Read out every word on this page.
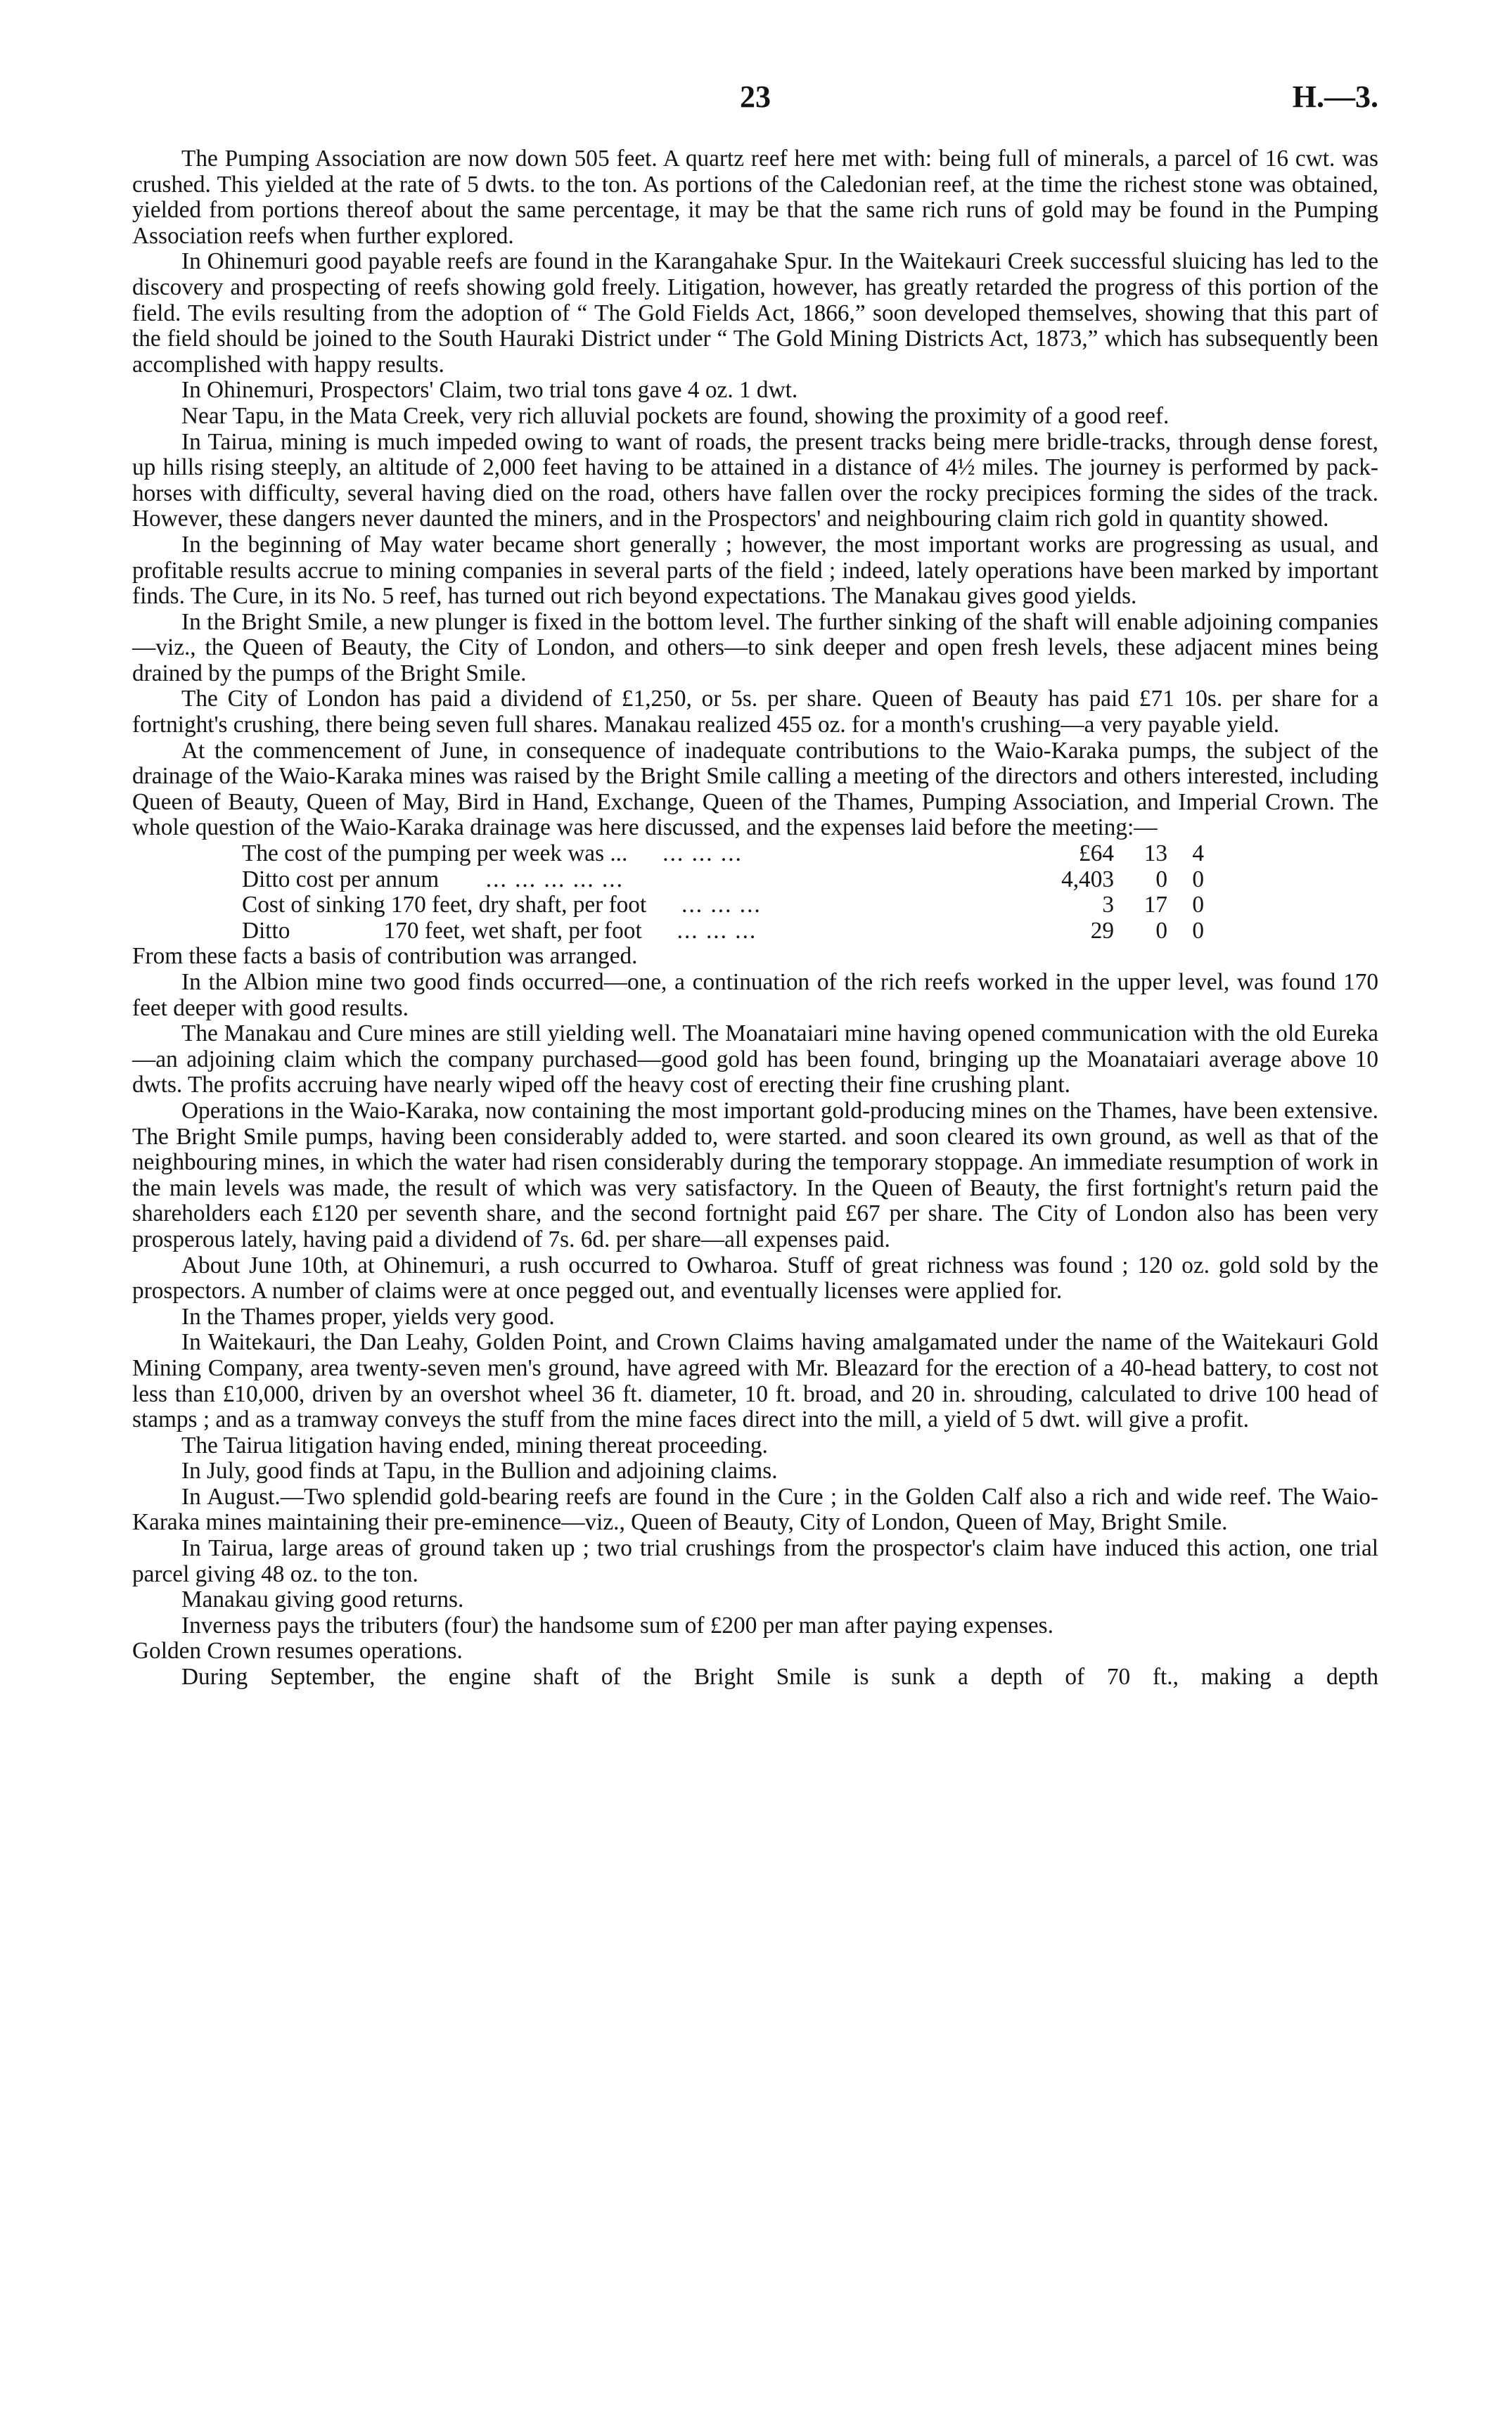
23	H.—3.

The Pumping Association are now down 505 feet. A quartz reef here met with: being full of minerals, a parcel of 16 cwt. was crushed. This yielded at the rate of 5 dwts. to the ton. As portions of the Caledonian reef, at the time the richest stone was obtained, yielded from portions thereof about the same percentage, it may be that the same rich runs of gold may be found in the Pumping Association reefs when further explored.

In Ohinemuri good payable reefs are found in the Karangahake Spur. In the Waitekauri Creek successful sluicing has led to the discovery and prospecting of reefs showing gold freely. Litigation, however, has greatly retarded the progress of this portion of the field. The evils resulting from the adoption of “ The Gold Fields Act, 1866,” soon developed themselves, showing that this part of the field should be joined to the South Hauraki District under “ The Gold Mining Districts Act, 1873,” which has subsequently been accomplished with happy results.

In Ohinemuri, Prospectors' Claim, two trial tons gave 4 oz. 1 dwt.

Near Tapu, in the Mata Creek, very rich alluvial pockets are found, showing the proximity of a good reef.

In Tairua, mining is much impeded owing to want of roads, the present tracks being mere bridle-tracks, through dense forest, up hills rising steeply, an altitude of 2,000 feet having to be attained in a distance of 4½ miles. The journey is performed by pack-horses with difficulty, several having died on the road, others have fallen over the rocky precipices forming the sides of the track. However, these dangers never daunted the miners, and in the Prospectors' and neighbouring claim rich gold in quantity showed.

In the beginning of May water became short generally ; however, the most important works are progressing as usual, and profitable results accrue to mining companies in several parts of the field ; indeed, lately operations have been marked by important finds. The Cure, in its No. 5 reef, has turned out rich beyond expectations. The Manakau gives good yields.

In the Bright Smile, a new plunger is fixed in the bottom level. The further sinking of the shaft will enable adjoining companies—viz., the Queen of Beauty, the City of London, and others—to sink deeper and open fresh levels, these adjacent mines being drained by the pumps of the Bright Smile.

The City of London has paid a dividend of £1,250, or 5s. per share. Queen of Beauty has paid £71 10s. per share for a fortnight's crushing, there being seven full shares. Manakau realized 455 oz. for a month's crushing—a very payable yield.

At the commencement of June, in consequence of inadequate contributions to the Waio-Karaka pumps, the subject of the drainage of the Waio-Karaka mines was raised by the Bright Smile calling a meeting of the directors and others interested, including Queen of Beauty, Queen of May, Bird in Hand, Exchange, Queen of the Thames, Pumping Association, and Imperial Crown. The whole question of the Waio-Karaka drainage was here discussed, and the expenses laid before the meeting:—

The cost of the pumping per week was ... ... ... ...	£64	13	4
Ditto cost per annum ... ... ... ... ...	4,403	0	0
Cost of sinking 170 feet, dry shaft, per foot ... ... ...	3	17	0
Ditto                170 feet, wet shaft, per foot ... ... ...	29	0	0

From these facts a basis of contribution was arranged.

In the Albion mine two good finds occurred—one, a continuation of the rich reefs worked in the upper level, was found 170 feet deeper with good results.

The Manakau and Cure mines are still yielding well. The Moanataiari mine having opened communication with the old Eureka—an adjoining claim which the company purchased—good gold has been found, bringing up the Moanataiari average above 10 dwts. The profits accruing have nearly wiped off the heavy cost of erecting their fine crushing plant.

Operations in the Waio-Karaka, now containing the most important gold-producing mines on the Thames, have been extensive. The Bright Smile pumps, having been considerably added to, were started. and soon cleared its own ground, as well as that of the neighbouring mines, in which the water had risen considerably during the temporary stoppage. An immediate resumption of work in the main levels was made, the result of which was very satisfactory. In the Queen of Beauty, the first fortnight's return paid the shareholders each £120 per seventh share, and the second fortnight paid £67 per share. The City of London also has been very prosperous lately, having paid a dividend of 7s. 6d. per share—all expenses paid.

About June 10th, at Ohinemuri, a rush occurred to Owharoa. Stuff of great richness was found ; 120 oz. gold sold by the prospectors. A number of claims were at once pegged out, and eventually licenses were applied for.

In the Thames proper, yields very good.

In Waitekauri, the Dan Leahy, Golden Point, and Crown Claims having amalgamated under the name of the Waitekauri Gold Mining Company, area twenty-seven men's ground, have agreed with Mr. Bleazard for the erection of a 40-head battery, to cost not less than £10,000, driven by an overshot wheel 36 ft. diameter, 10 ft. broad, and 20 in. shrouding, calculated to drive 100 head of stamps ; and as a tramway conveys the stuff from the mine faces direct into the mill, a yield of 5 dwt. will give a profit.

The Tairua litigation having ended, mining thereat proceeding.

In July, good finds at Tapu, in the Bullion and adjoining claims.

In August.—Two splendid gold-bearing reefs are found in the Cure ; in the Golden Calf also a rich and wide reef. The Waio-Karaka mines maintaining their pre-eminence—viz., Queen of Beauty, City of London, Queen of May, Bright Smile.

In Tairua, large areas of ground taken up ; two trial crushings from the prospector's claim have induced this action, one trial parcel giving 48 oz. to the ton.

Manakau giving good returns.

Inverness pays the tributers (four) the handsome sum of £200 per man after paying expenses.

Golden Crown resumes operations.

During September, the engine shaft of the Bright Smile is sunk a depth of 70 ft., making a depth
